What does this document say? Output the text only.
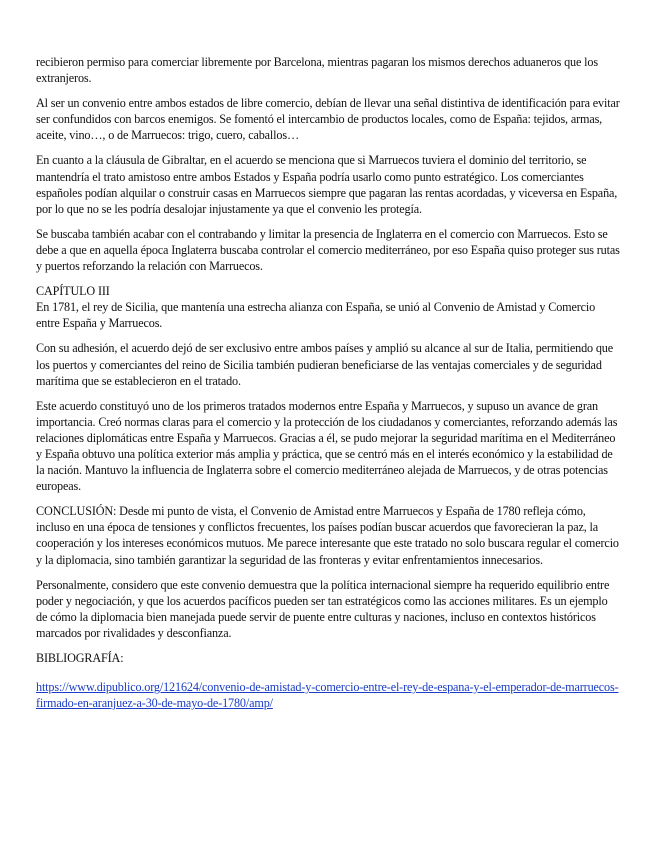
recibieron permiso para comerciar libremente por Barcelona, mientras pagaran los mismos derechos aduaneros que los extranjeros.

Al ser un convenio entre ambos estados de libre comercio, debían de llevar una señal distintiva de identificación para evitar ser confundidos con barcos enemigos. Se fomentó el intercambio de productos locales, como de España: tejidos, armas, aceite, vino…, o de Marruecos: trigo, cuero, caballos…

En cuanto a la cláusula de Gibraltar, en el acuerdo se menciona que si Marruecos tuviera el dominio del territorio, se mantendría el trato amistoso entre ambos Estados y España podría usarlo como punto estratégico. Los comerciantes españoles podían alquilar o construir casas en Marruecos siempre que pagaran las rentas acordadas, y viceversa en España, por lo que no se les podría desalojar injustamente ya que el convenio les protegía.

Se buscaba también acabar con el contrabando y limitar la presencia de Inglaterra en el comercio con Marruecos. Esto se debe a que en aquella época Inglaterra buscaba controlar el comercio mediterráneo, por eso España quiso proteger sus rutas y puertos reforzando la relación con Marruecos.

CAPÍTULO III

En 1781, el rey de Sicilia, que mantenía una estrecha alianza con España, se unió al Convenio de Amistad y Comercio entre España y Marruecos.

Con su adhesión, el acuerdo dejó de ser exclusivo entre ambos países y amplió su alcance al sur de Italia, permitiendo que los puertos y comerciantes del reino de Sicilia también pudieran beneficiarse de las ventajas comerciales y de seguridad marítima que se establecieron en el tratado.

Este acuerdo constituyó uno de los primeros tratados modernos entre España y Marruecos, y supuso un avance de gran importancia. Creó normas claras para el comercio y la protección de los ciudadanos y comerciantes, reforzando además las relaciones diplomáticas entre España y Marruecos. Gracias a él, se pudo mejorar la seguridad marítima en el Mediterráneo y España obtuvo una política exterior más amplia y práctica, que se centró más en el interés económico y la estabilidad de la nación. Mantuvo la influencia de Inglaterra sobre el comercio mediterráneo alejada de Marruecos, y de otras potencias europeas.

CONCLUSIÓN: Desde mi punto de vista, el Convenio de Amistad entre Marruecos y España de 1780 refleja cómo, incluso en una época de tensiones y conflictos frecuentes, los países podían buscar acuerdos que favorecieran la paz, la cooperación y los intereses económicos mutuos. Me parece interesante que este tratado no solo buscara regular el comercio y la diplomacia, sino también garantizar la seguridad de las fronteras y evitar enfrentamientos innecesarios.

Personalmente, considero que este convenio demuestra que la política internacional siempre ha requerido equilibrio entre poder y negociación, y que los acuerdos pacíficos pueden ser tan estratégicos como las acciones militares. Es un ejemplo de cómo la diplomacia bien manejada puede servir de puente entre culturas y naciones, incluso en contextos históricos marcados por rivalidades y desconfianza.

BIBLIOGRAFÍA:

https://www.dipublico.org/121624/convenio-de-amistad-y-comercio-entre-el-rey-de-espana-y-el-emperador-de-marruecos-firmado-en-aranjuez-a-30-de-mayo-de-1780/amp/
